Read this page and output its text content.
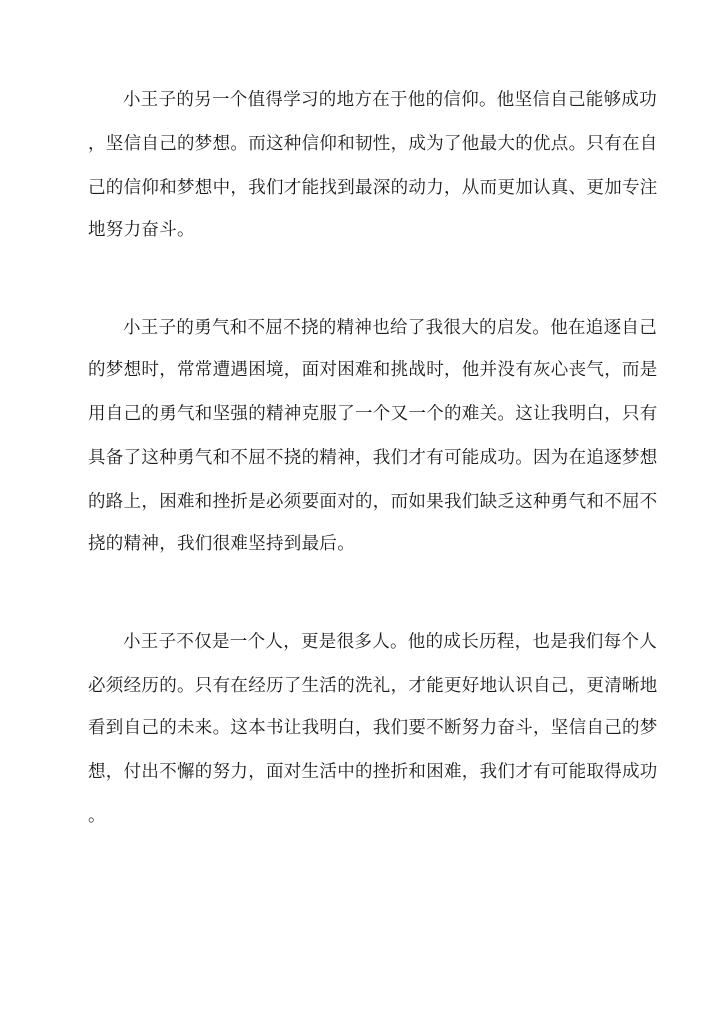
小王子的另一个值得学习的地方在于他的信仰。他坚信自己能够成功
，坚信自己的梦想。而这种信仰和韧性，成为了他最大的优点。只有在自
己的信仰和梦想中，我们才能找到最深的动力，从而更加认真、更加专注
地努力奋斗。
小王子的勇气和不屈不挠的精神也给了我很大的启发。他在追逐自己
的梦想时，常常遭遇困境，面对困难和挑战时，他并没有灰心丧气，而是
用自己的勇气和坚强的精神克服了一个又一个的难关。这让我明白，只有
具备了这种勇气和不屈不挠的精神，我们才有可能成功。因为在追逐梦想
的路上，困难和挫折是必须要面对的，而如果我们缺乏这种勇气和不屈不
挠的精神，我们很难坚持到最后。
小王子不仅是一个人，更是很多人。他的成长历程，也是我们每个人
必须经历的。只有在经历了生活的洗礼，才能更好地认识自己，更清晰地
看到自己的未来。这本书让我明白，我们要不断努力奋斗，坚信自己的梦
想，付出不懈的努力，面对生活中的挫折和困难，我们才有可能取得成功
。
